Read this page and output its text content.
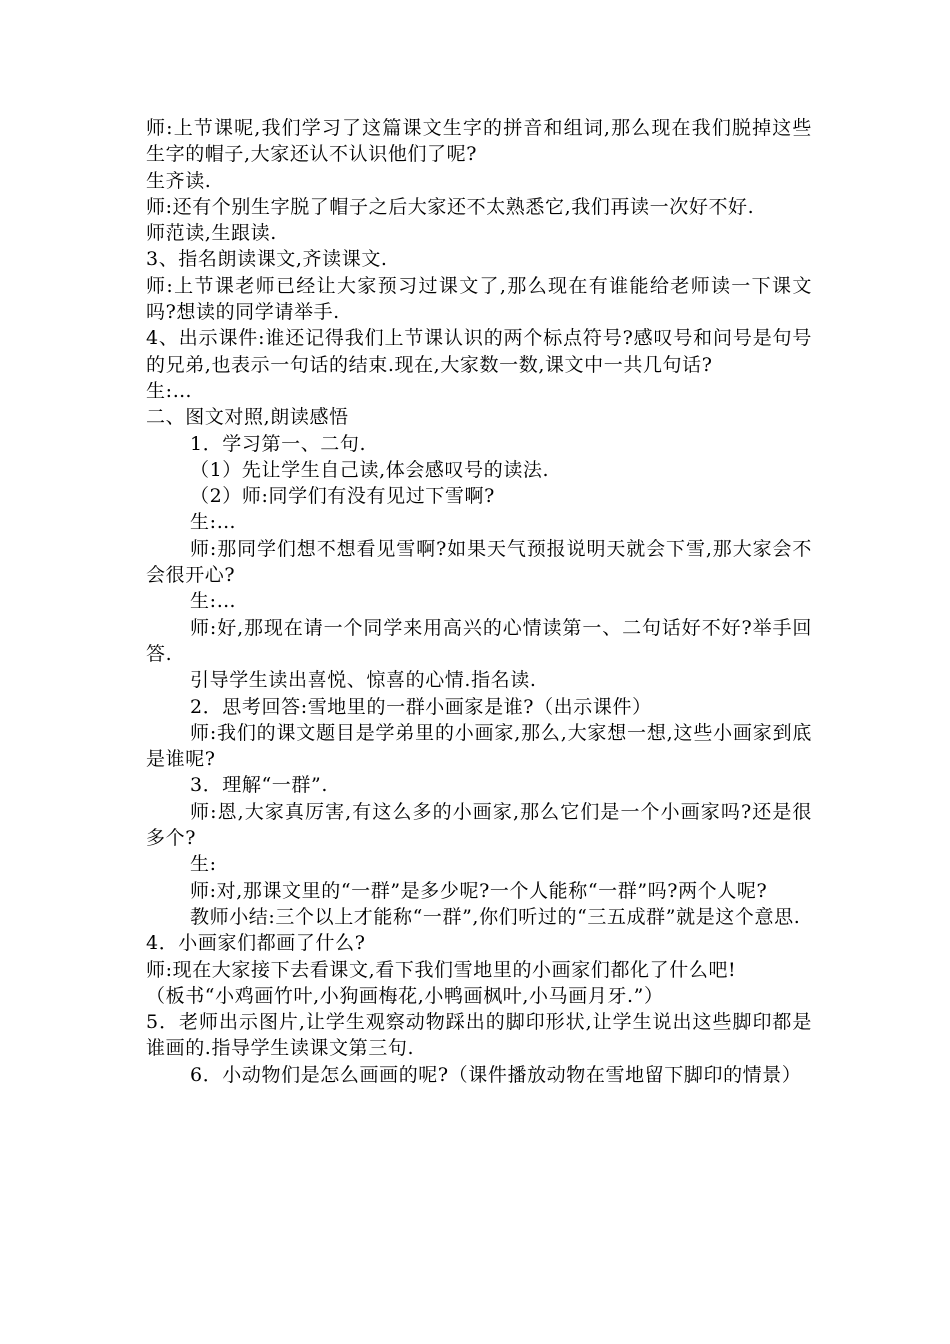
师:上节课呢,我们学习了这篇课文生字的拼音和组词,那么现在我们脱掉这些生字的帽子,大家还认不认识他们了呢?

生齐读.

师:还有个别生字脱了帽子之后大家还不太熟悉它,我们再读一次好不好.

师范读,生跟读.

3、指名朗读课文,齐读课文.

师:上节课老师已经让大家预习过课文了,那么现在有谁能给老师读一下课文吗?想读的同学请举手.

4、出示课件:谁还记得我们上节课认识的两个标点符号?感叹号和问号是句号的兄弟,也表示一句话的结束.现在,大家数一数,课文中一共几句话?

生:…

二、图文对照,朗读感悟

1．学习第一、二句.

（1）先让学生自己读,体会感叹号的读法.

（2）师:同学们有没有见过下雪啊?

生:…

师:那同学们想不想看见雪啊?如果天气预报说明天就会下雪,那大家会不会很开心?

生:…

师:好,那现在请一个同学来用高兴的心情读第一、二句话好不好?举手回答.

引导学生读出喜悦、惊喜的心情.指名读.

2．思考回答:雪地里的一群小画家是谁?（出示课件）

师:我们的课文题目是学弟里的小画家,那么,大家想一想,这些小画家到底是谁呢?

3．理解“一群”.

师:恩,大家真厉害,有这么多的小画家,那么它们是一个小画家吗?还是很多个?

生:

师:对,那课文里的“一群”是多少呢?一个人能称“一群”吗?两个人呢?

教师小结:三个以上才能称“一群”,你们听过的“三五成群”就是这个意思.

4．小画家们都画了什么?

师:现在大家接下去看课文,看下我们雪地里的小画家们都化了什么吧!

（板书“小鸡画竹叶,小狗画梅花,小鸭画枫叶,小马画月牙.”）

5．老师出示图片,让学生观察动物踩出的脚印形状,让学生说出这些脚印都是谁画的.指导学生读课文第三句.

6．小动物们是怎么画画的呢?（课件播放动物在雪地留下脚印的情景）
